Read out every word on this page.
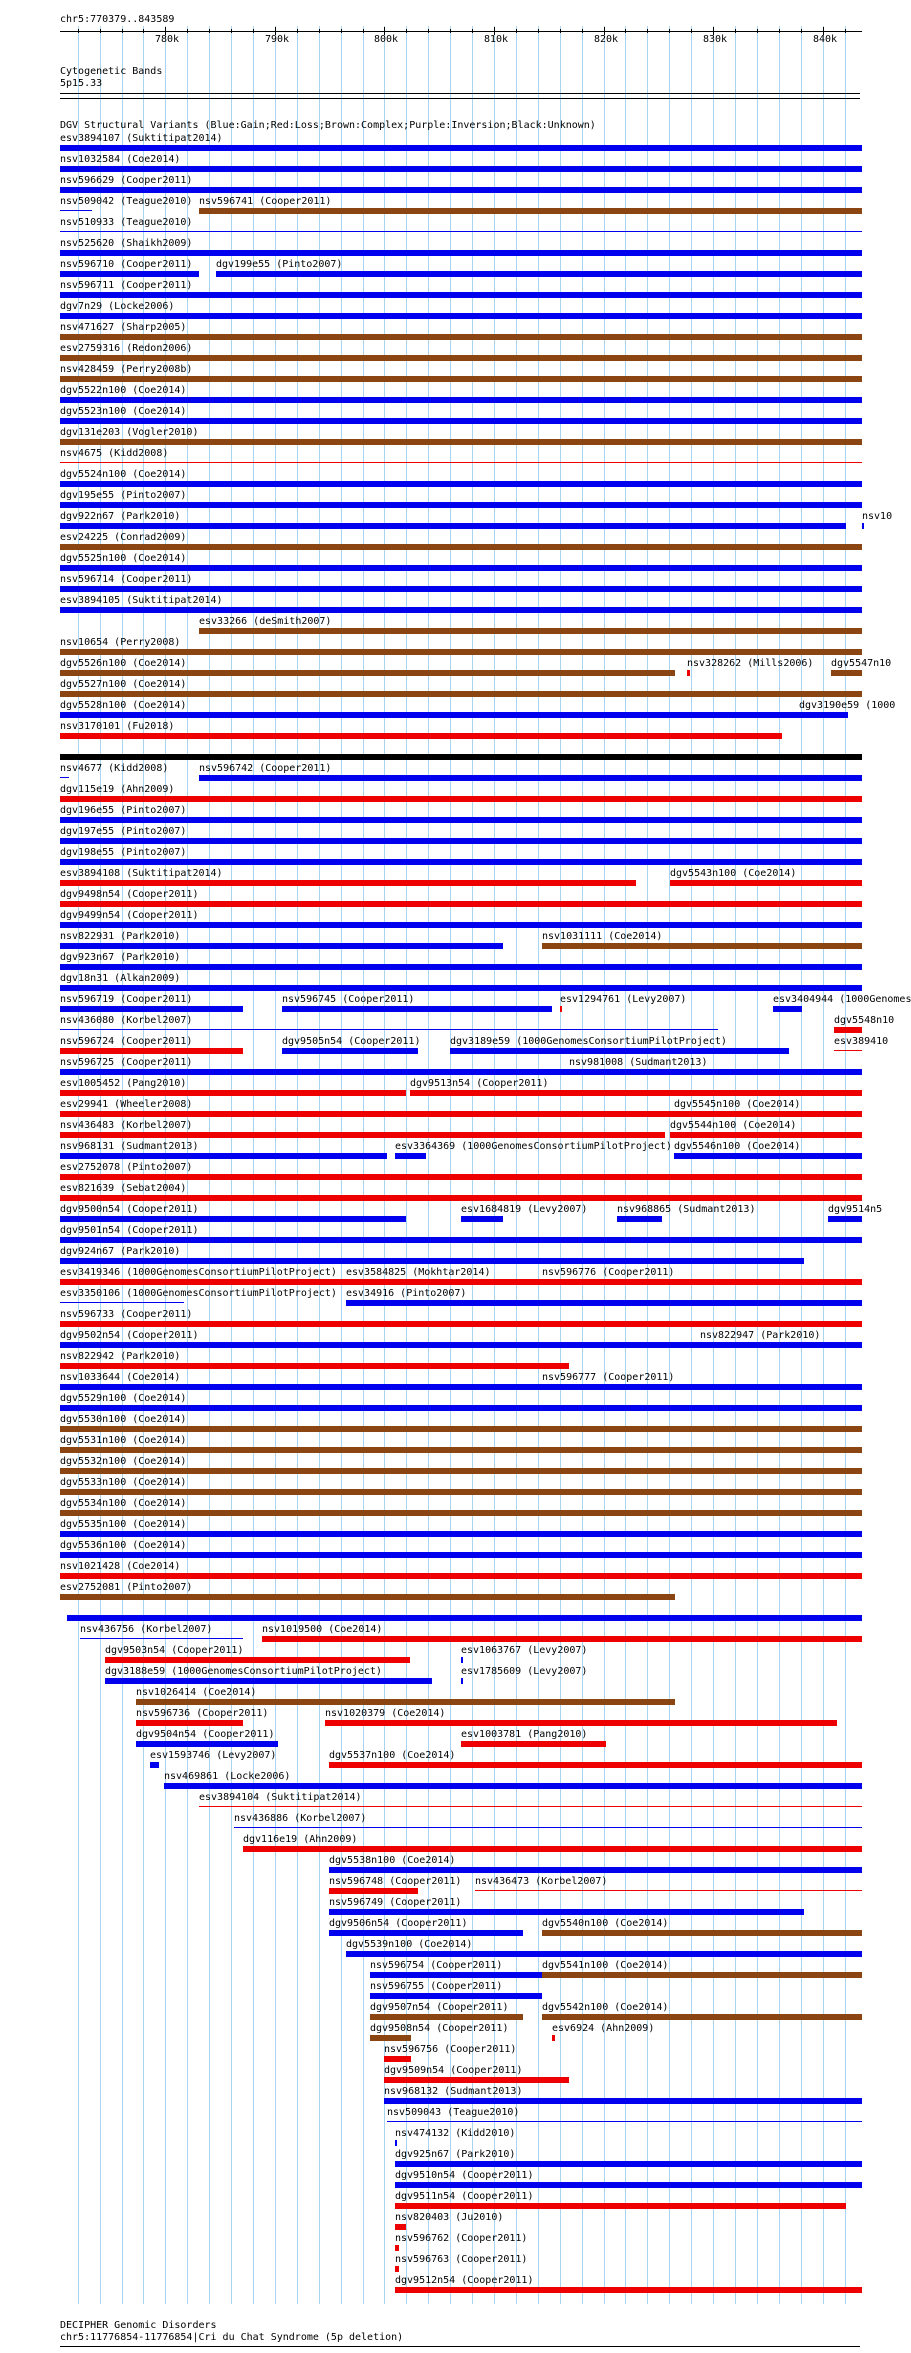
chr5:770379..843589
780k	790k	800k	810k	820k	830k	840k
Cytogenetic Bands
5p15.33
DGV Structural Variants (Blue:Gain;Red:Loss;Brown:Complex;Purple:Inversion;Black:Unknown)
esv3894107 (Suktitipat2014)
nsv1032584 (Coe2014)
nsv596629 (Cooper2011)
nsv509042 (Teague2010) nsv596741 (Cooper2011)
nsv510933 (Teague2010)
nsv525620 (Shaikh2009)
nsv596710 (Cooper2011) dgv199e55 (Pinto2007)
nsv596711 (Cooper2011)
dgv7n29 (Locke2006)
nsv471627 (Sharp2005)
esv2759316 (Redon2006)
nsv428459 (Perry2008b)
dgv5522n100 (Coe2014)
dgv5523n100 (Coe2014)
dgv131e203 (Vogler2010)
nsv4675 (Kidd2008)
dgv5524n100 (Coe2014)
dgv195e55 (Pinto2007)
dgv922n67 (Park2010)	nsv10
esv24225 (Conrad2009)
dgv5525n100 (Coe2014)
nsv596714 (Cooper2011)
esv3894105 (Suktitipat2014)
esv33266 (deSmith2007)
nsv10654 (Perry2008)
dgv5526n100 (Coe2014)	nsv328262 (Mills2006) dgv5547n10
dgv5527n100 (Coe2014)
dgv5528n100 (Coe2014)	dgv3190e59 (1000
nsv3170101 (Fu2018)
nsv4677 (Kidd2008)	nsv596742 (Cooper2011)
dgv115e19 (Ahn2009)
dgv196e55 (Pinto2007)
dgv197e55 (Pinto2007)
dgv198e55 (Pinto2007)
esv3894108 (Suktitipat2014)	dgv5543n100 (Coe2014)
dgv9498n54 (Cooper2011)
dgv9499n54 (Cooper2011)
nsv822931 (Park2010)	nsv1031111 (Coe2014)
dgv923n67 (Park2010)
dgv18n31 (Alkan2009)
nsv596719 (Cooper2011)	nsv596745 (Cooper2011)	esv1294761 (Levy2007)	esv3404944 (1000Genomes
nsv436080 (Korbel2007)	dgv5548n10
nsv596724 (Cooper2011)	dgv9505n54 (Cooper2011)	dgv3189e59 (1000GenomesConsortiumPilotProject)	esv389410
nsv596725 (Cooper2011)	nsv981008 (Sudmant2013)
esv1005452 (Pang2010)	dgv9513n54 (Cooper2011)
esv29941 (Wheeler2008)	dgv5545n100 (Coe2014)
nsv436483 (Korbel2007)	dgv5544n100 (Coe2014)
nsv968131 (Sudmant2013)	esv3364369 (1000GenomesConsortiumPilotProject) dgv5546n100 (Coe2014)
esv2752078 (Pinto2007)
esv821639 (Sebat2004)
dgv9500n54 (Cooper2011)	esv1684819 (Levy2007)	nsv968865 (Sudmant2013)	dgv9514n5
dgv9501n54 (Cooper2011)
dgv924n67 (Park2010)
esv3419346 (1000GenomesConsortiumPilotProject) esv3584825 (Mokhtar2014)	nsv596776 (Cooper2011)
esv3350106 (1000GenomesConsortiumPilotProject) esv34916 (Pinto2007)
nsv596733 (Cooper2011)
dgv9502n54 (Cooper2011)	nsv822947 (Park2010)
nsv822942 (Park2010)
nsv1033644 (Coe2014)	nsv596777 (Cooper2011)
dgv5529n100 (Coe2014)
dgv5530n100 (Coe2014)
dgv5531n100 (Coe2014)
dgv5532n100 (Coe2014)
dgv5533n100 (Coe2014)
dgv5534n100 (Coe2014)
dgv5535n100 (Coe2014)
dgv5536n100 (Coe2014)
nsv1021428 (Coe2014)
esv2752081 (Pinto2007)
nsv436756 (Korbel2007)	nsv1019500 (Coe2014)
dgv9503n54 (Cooper2011)	esv1063767 (Levy2007)
dgv3188e59 (1000GenomesConsortiumPilotProject)	esv1785609 (Levy2007)
nsv1026414 (Coe2014)
nsv596736 (Cooper2011)	nsv1020379 (Coe2014)
dgv9504n54 (Cooper2011)	esv1003781 (Pang2010)
esv1593746 (Levy2007)	dgv5537n100 (Coe2014)
nsv469861 (Locke2006)
esv3894104 (Suktitipat2014)
nsv436886 (Korbel2007)
dgv116e19 (Ahn2009)
dgv5538n100 (Coe2014)
nsv596748 (Cooper2011) nsv436473 (Korbel2007)
nsv596749 (Cooper2011)
dgv9506n54 (Cooper2011)	dgv5540n100 (Coe2014)
dgv5539n100 (Coe2014)
nsv596754 (Cooper2011)	dgv5541n100 (Coe2014)
nsv596755 (Cooper2011)
dgv9507n54 (Cooper2011)	dgv5542n100 (Coe2014)
dgv9508n54 (Cooper2011)	esv6924 (Ahn2009)
nsv596756 (Cooper2011)
dgv9509n54 (Cooper2011)
nsv968132 (Sudmant2013)
nsv509043 (Teague2010)
nsv474132 (Kidd2010)
dgv925n67 (Park2010)
dgv9510n54 (Cooper2011)
dgv9511n54 (Cooper2011)
nsv820403 (Ju2010)
nsv596762 (Cooper2011)
nsv596763 (Cooper2011)
dgv9512n54 (Cooper2011)
DECIPHER Genomic Disorders
chr5:11776854-11776854|Cri du Chat Syndrome (5p deletion)
